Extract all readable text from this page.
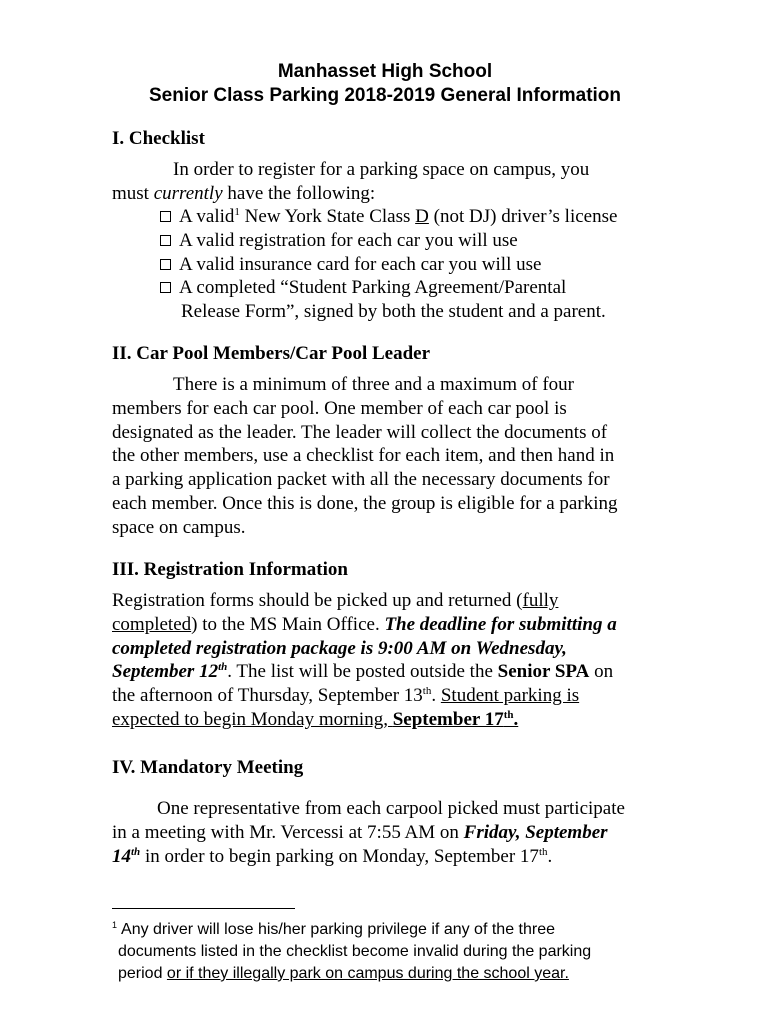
Manhasset High School
Senior Class Parking 2018-2019 General Information
I. Checklist
In order to register for a parking space on campus, you
must currently have the following:
A valid$^1$ New York State Class D (not DJ) driver’s license
A valid registration for each car you will use
A valid insurance card for each car you will use
A completed “Student Parking Agreement/Parental
Release Form”, signed by both the student and a parent.
II. Car Pool Members/Car Pool Leader
There is a minimum of three and a maximum of four
members for each car pool. One member of each car pool is
designated as the leader. The leader will collect the documents of
the other members, use a checklist for each item, and then hand in
a parking application packet with all the necessary documents for
each member. Once this is done, the group is eligible for a parking
space on campus.
III. Registration Information
Registration forms should be picked up and returned (fully
completed) to the MS Main Office. The deadline for submitting a
completed registration package is 9:00 AM on Wednesday,
September 12th. The list will be posted outside the Senior SPA on
the afternoon of Thursday, September 13th. Student parking is
expected to begin Monday morning, September 17th.
IV. Mandatory Meeting
One representative from each carpool picked must participate
in a meeting with Mr. Vercessi at 7:55 AM on Friday, September
14th in order to begin parking on Monday, September 17th.
$^1$ Any driver will lose his/her parking privilege if any of the three
documents listed in the checklist become invalid during the parking
period or if they illegally park on campus during the school year.
